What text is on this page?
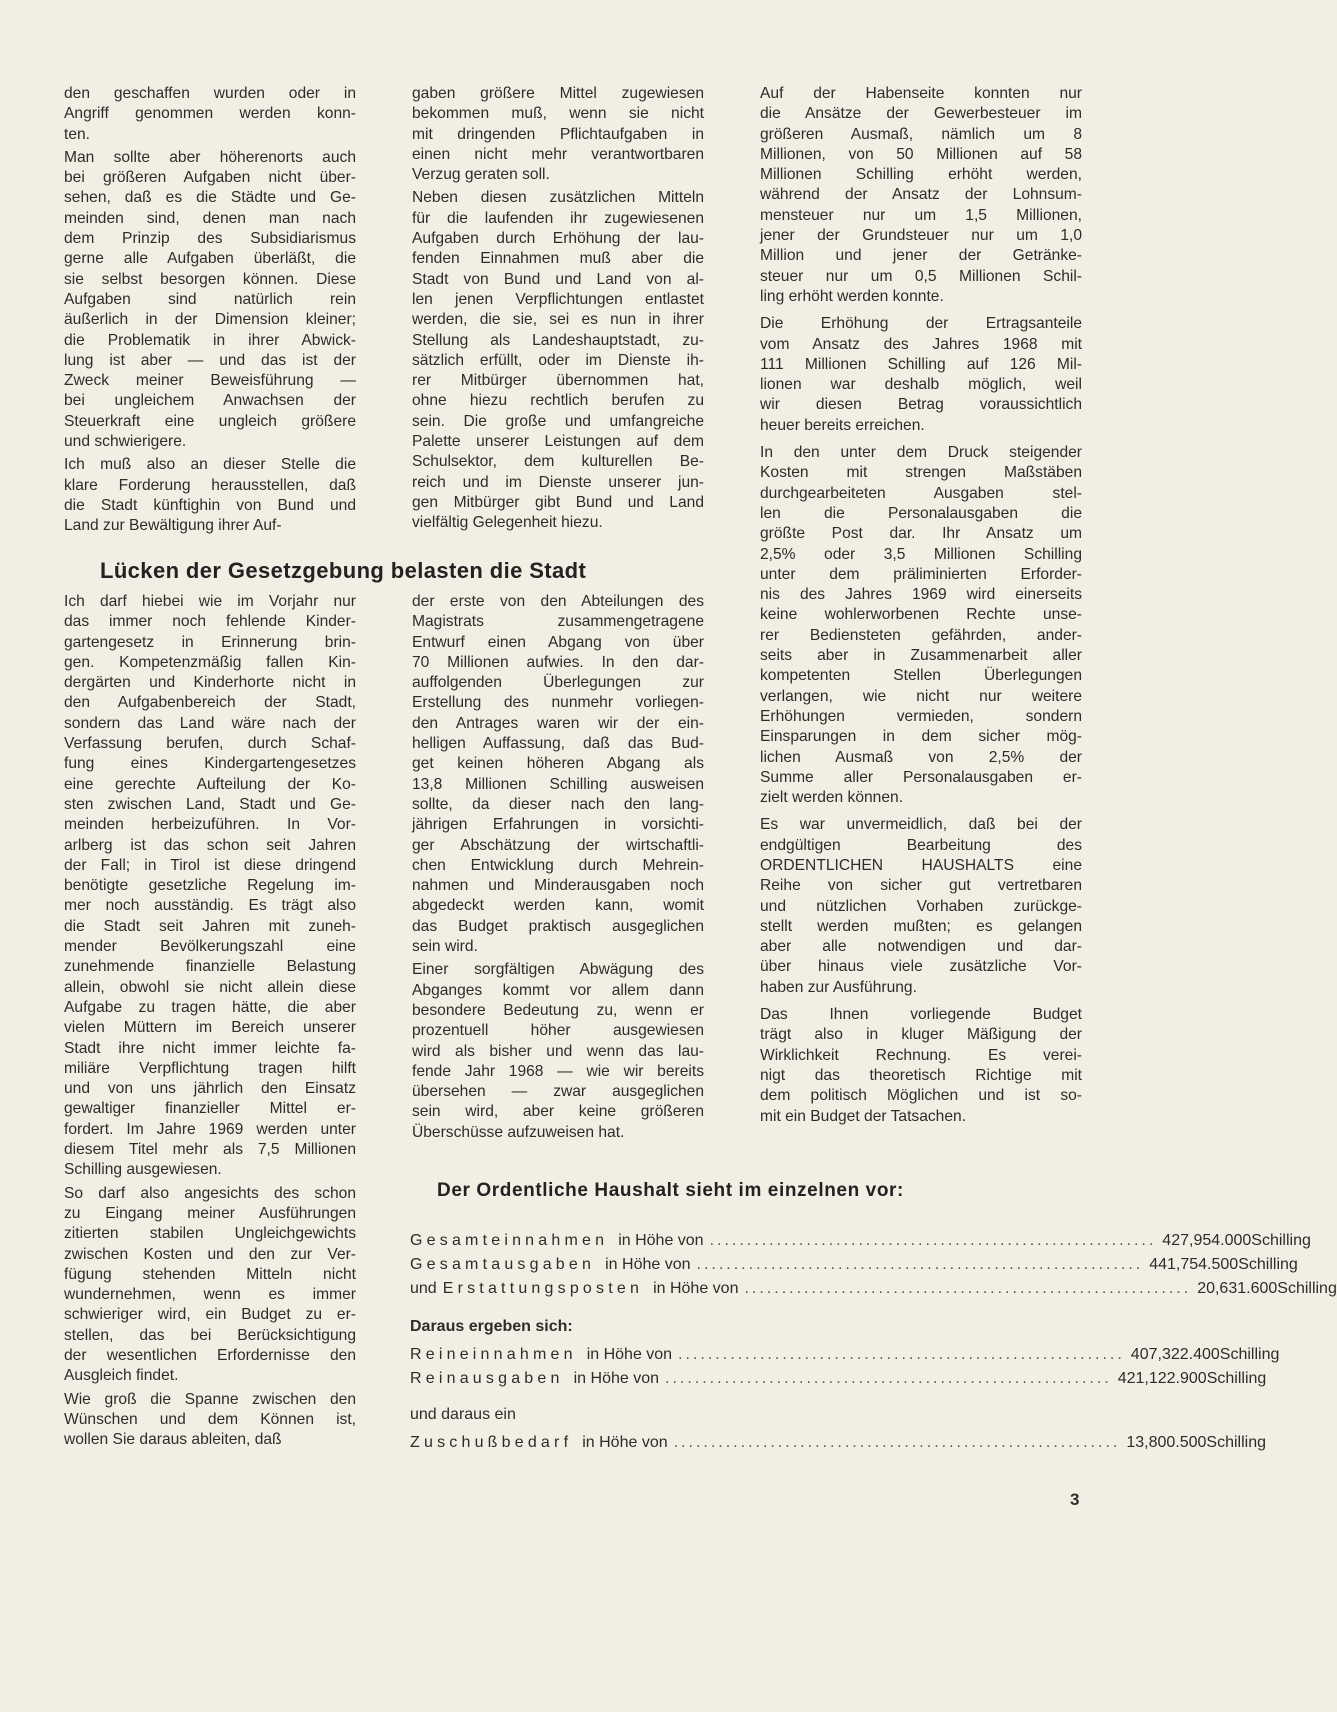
den geschaffen wurden oder in
Angriff genommen werden konn-
ten.
Man sollte aber höherenorts auch
bei größeren Aufgaben nicht über-
sehen, daß es die Städte und Ge-
meinden sind, denen man nach
dem Prinzip des Subsidiarismus
gerne alle Aufgaben überläßt, die
sie selbst besorgen können. Diese
Aufgaben sind natürlich rein
äußerlich in der Dimension kleiner;
die Problematik in ihrer Abwick-
lung ist aber — und das ist der
Zweck meiner Beweisführung —
bei ungleichem Anwachsen der
Steuerkraft eine ungleich größere
und schwierigere.
Ich muß also an dieser Stelle die
klare Forderung herausstellen, daß
die Stadt künftighin von Bund und
Land zur Bewältigung ihrer Auf-
gaben größere Mittel zugewiesen
bekommen muß, wenn sie nicht
mit dringenden Pflichtaufgaben in
einen nicht mehr verantwortbaren
Verzug geraten soll.
Neben diesen zusätzlichen Mitteln
für die laufenden ihr zugewiesenen
Aufgaben durch Erhöhung der lau-
fenden Einnahmen muß aber die
Stadt von Bund und Land von al-
len jenen Verpflichtungen entlastet
werden, die sie, sei es nun in ihrer
Stellung als Landeshauptstadt, zu-
sätzlich erfüllt, oder im Dienste ih-
rer Mitbürger übernommen hat,
ohne hiezu rechtlich berufen zu
sein. Die große und umfangreiche
Palette unserer Leistungen auf dem
Schulsektor, dem kulturellen Be-
reich und im Dienste unserer jun-
gen Mitbürger gibt Bund und Land
vielfältig Gelegenheit hiezu.
Auf der Habenseite konnten nur
die Ansätze der Gewerbesteuer im
größeren Ausmaß, nämlich um 8
Millionen, von 50 Millionen auf 58
Millionen Schilling erhöht werden,
während der Ansatz der Lohnsum-
mensteuer nur um 1,5 Millionen,
jener der Grundsteuer nur um 1,0
Million und jener der Getränke-
steuer nur um 0,5 Millionen Schil-
ling erhöht werden konnte.
Die Erhöhung der Ertragsanteile
vom Ansatz des Jahres 1968 mit
111 Millionen Schilling auf 126 Mil-
lionen war deshalb möglich, weil
wir diesen Betrag voraussichtlich
heuer bereits erreichen.
In den unter dem Druck steigender
Kosten mit strengen Maßstäben
durchgearbeiteten Ausgaben stel-
len die Personalausgaben die
größte Post dar. Ihr Ansatz um
2,5% oder 3,5 Millionen Schilling
unter dem präliminierten Erforder-
nis des Jahres 1969 wird einerseits
keine wohlerworbenen Rechte unse-
rer Bediensteten gefährden, ander-
seits aber in Zusammenarbeit aller
kompetenten Stellen Überlegungen
verlangen, wie nicht nur weitere
Erhöhungen vermieden, sondern
Einsparungen in dem sicher mög-
lichen Ausmaß von 2,5% der
Summe aller Personalausgaben er-
zielt werden können.
Es war unvermeidlich, daß bei der
endgültigen Bearbeitung des
ORDENTLICHEN HAUSHALTS eine
Reihe von sicher gut vertretbaren
und nützlichen Vorhaben zurückge-
stellt werden mußten; es gelangen
aber alle notwendigen und dar-
über hinaus viele zusätzliche Vor-
haben zur Ausführung.
Das Ihnen vorliegende Budget
trägt also in kluger Mäßigung der
Wirklichkeit Rechnung. Es verei-
nigt das theoretisch Richtige mit
dem politisch Möglichen und ist so-
mit ein Budget der Tatsachen.
Lücken der Gesetzgebung belasten die Stadt
Ich darf hiebei wie im Vorjahr nur
das immer noch fehlende Kinder-
gartengesetz in Erinnerung brin-
gen. Kompetenzmäßig fallen Kin-
dergärten und Kinderhorte nicht in
den Aufgabenbereich der Stadt,
sondern das Land wäre nach der
Verfassung berufen, durch Schaf-
fung eines Kindergartengesetzes
eine gerechte Aufteilung der Ko-
sten zwischen Land, Stadt und Ge-
meinden herbeizuführen. In Vor-
arlberg ist das schon seit Jahren
der Fall; in Tirol ist diese dringend
benötigte gesetzliche Regelung im-
mer noch ausständig. Es trägt also
die Stadt seit Jahren mit zuneh-
mender Bevölkerungszahl eine
zunehmende finanzielle Belastung
allein, obwohl sie nicht allein diese
Aufgabe zu tragen hätte, die aber
vielen Müttern im Bereich unserer
Stadt ihre nicht immer leichte fa-
miliäre Verpflichtung tragen hilft
und von uns jährlich den Einsatz
gewaltiger finanzieller Mittel er-
fordert. Im Jahre 1969 werden unter
diesem Titel mehr als 7,5 Millionen
Schilling ausgewiesen.
So darf also angesichts des schon
zu Eingang meiner Ausführungen
zitierten stabilen Ungleichgewichts
zwischen Kosten und den zur Ver-
fügung stehenden Mitteln nicht
wundernehmen, wenn es immer
schwieriger wird, ein Budget zu er-
stellen, das bei Berücksichtigung
der wesentlichen Erfordernisse den
Ausgleich findet.
Wie groß die Spanne zwischen den
Wünschen und dem Können ist,
wollen Sie daraus ableiten, daß
der erste von den Abteilungen des
Magistrats zusammengetragene
Entwurf einen Abgang von über
70 Millionen aufwies. In den dar-
auffolgenden Überlegungen zur
Erstellung des nunmehr vorliegen-
den Antrages waren wir der ein-
helligen Auffassung, daß das Bud-
get keinen höheren Abgang als
13,8 Millionen Schilling ausweisen
sollte, da dieser nach den lang-
jährigen Erfahrungen in vorsichti-
ger Abschätzung der wirtschaftli-
chen Entwicklung durch Mehrein-
nahmen und Minderausgaben noch
abgedeckt werden kann, womit
das Budget praktisch ausgeglichen
sein wird.
Einer sorgfältigen Abwägung des
Abganges kommt vor allem dann
besondere Bedeutung zu, wenn er
prozentuell höher ausgewiesen
wird als bisher und wenn das lau-
fende Jahr 1968 — wie wir bereits
übersehen — zwar ausgeglichen
sein wird, aber keine größeren
Überschüsse aufzuweisen hat.
Der Ordentliche Haushalt sieht im einzelnen vor:
Gesamteinnahmen in Höhe von ............................................................ 427,954.000 Schilling
Gesamtausgaben in Höhe von ............................................................ 441,754.500 Schilling
und Erstattungsposten in Höhe von ............................................................ 20,631.600 Schilling
Reineinnahmen in Höhe von ............................................................ 407,322.400 Schilling
Reinausgaben in Höhe von ............................................................ 421,122.900 Schilling
Zuschußbedarf in Höhe von ............................................................ 13,800.500 Schilling
Daraus ergeben sich:
und daraus ein
3
